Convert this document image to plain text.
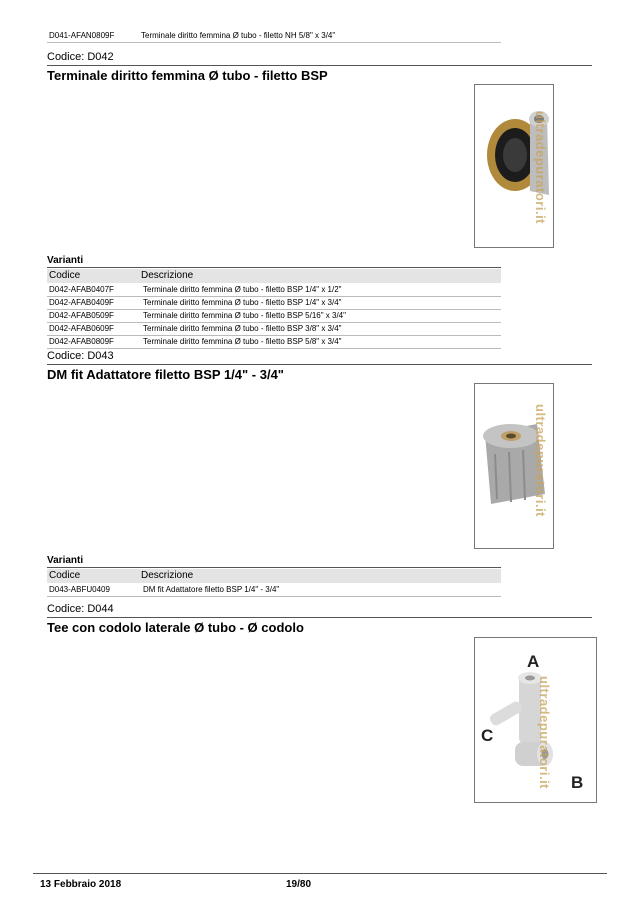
D041-AFAN0809F	Terminale diritto femmina Ø tubo - filetto NH 5/8" x 3/4"
Codice: D042
Terminale diritto femmina Ø tubo - filetto BSP
ultradepuratori.it
Varianti
Codice	Descrizione
D042-AFAB0407F	Terminale diritto femmina Ø tubo - filetto BSP 1/4" x 1/2"
D042-AFAB0409F	Terminale diritto femmina Ø tubo - filetto BSP 1/4" x 3/4"
D042-AFAB0509F	Terminale diritto femmina Ø tubo - filetto BSP 5/16" x 3/4"
D042-AFAB0609F	Terminale diritto femmina Ø tubo - filetto BSP 3/8" x 3/4"
D042-AFAB0809F	Terminale diritto femmina Ø tubo - filetto BSP 5/8" x 3/4"
Codice: D043
DM fit Adattatore filetto BSP 1/4" - 3/4"
ultradepuratori.it
Varianti
Codice	Descrizione
D043-ABFU0409	DM fit Adattatore filetto BSP 1/4" - 3/4"
Codice: D044
Tee con codolo laterale Ø tubo - Ø codolo
A
C
B
ultradepuratori.it
13 Febbraio 2018	19/80
